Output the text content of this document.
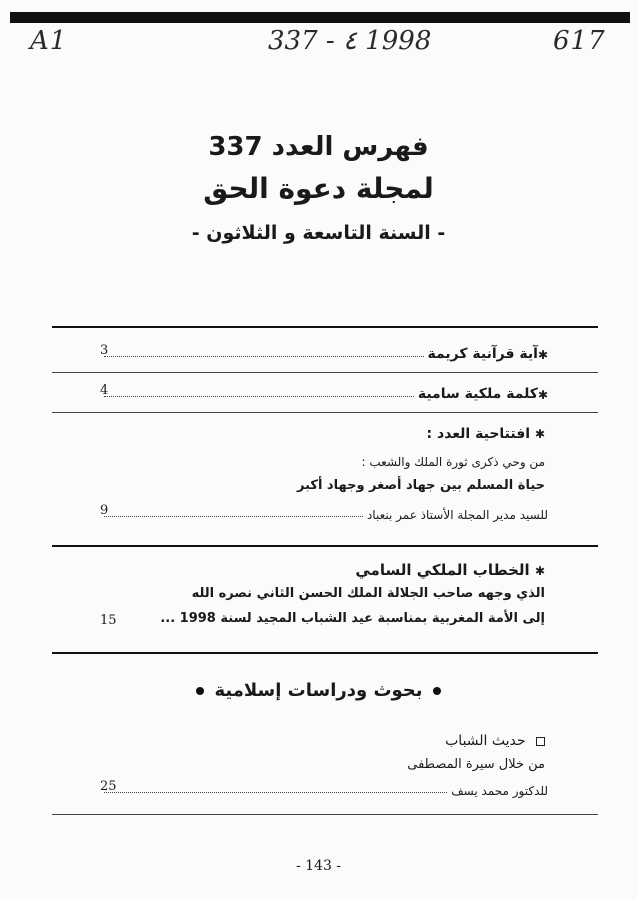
A1	337 - ٤ 1998	617
فهرس العدد 337
لمجلة دعوة الحق
- السنة التاسعة و الثلاثون -
✱
آية قرآنية كريمة
3
✱
كلمة ملكية سامية
4
✱ افتتاحية العدد :
من وحي ذكرى ثورة الملك والشعب :
حياة المسلم بين جهاد أصغر وجهاد أكبر
للسيد مدير المجلة الأستاذ عمر بنعباد
9
✱ الخطاب الملكي السامي
الذي وجهه صاحب الجلالة الملك الحسن الثاني نصره الله
إلى الأمة المغربية بمناسبة عيد الشباب المجيد لسنة 1998 ...
15
بحوث ودراسات إسلامية
حديث الشباب
من خلال سيرة المصطفى
للدكتور محمد يسف
25
- 143 -
